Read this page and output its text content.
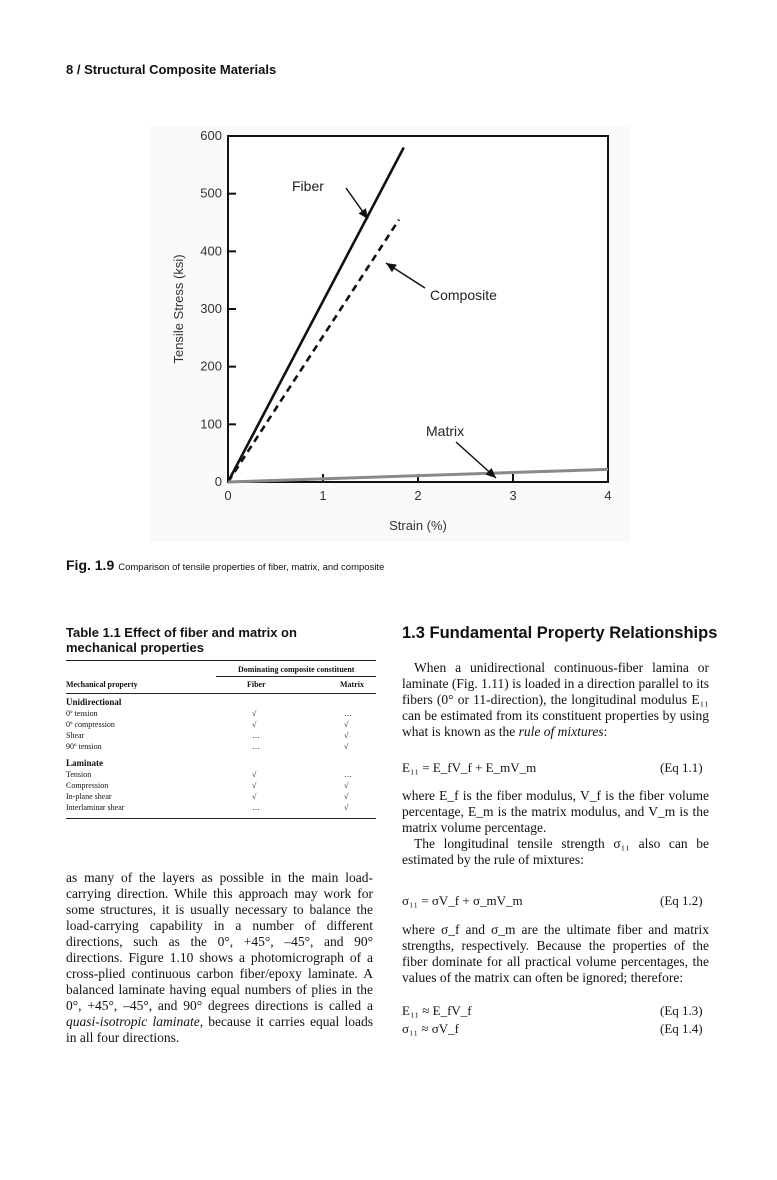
8 / Structural Composite Materials
0
100
200
300
400
500
600
0	1	2	3	4
Strain (%)
Tensile Stress (ksi)
Fiber
Composite
Matrix
Fig. 1.9 Comparison of tensile properties of fiber, matrix, and composite
Table 1.1 Effect of fiber and matrix on mechanical properties
Dominating composite constituent
Mechanical property	Fiber	Matrix
Unidirectional
0º tension	√	…
0º compression	√	√
Shear	…	√
90º tension	…	√
Laminate
Tension	√	…
Compression	√	√
In-plane shear	√	√
Interlaminar shear	…	√
as many of the layers as possible in the main load-carrying direction. While this approach may work for some structures, it is usually necessary to balance the load-carrying capability in a number of different directions, such as the 0°, +45°, –45°, and 90° directions. Figure 1.10 shows a photomicrograph of a cross-plied continuous carbon fiber/epoxy laminate. A balanced laminate having equal numbers of plies in the 0°, +45°, –45°, and 90° degrees directions is called a quasi-isotropic laminate, because it carries equal loads in all four directions.
1.3 Fundamental Property Relationships
When a unidirectional continuous-fiber lamina or laminate (Fig. 1.11) is loaded in a direction parallel to its fibers (0° or 11-direction), the longitudinal modulus E₁₁ can be estimated from its constituent properties by using what is known as the rule of mixtures:
E₁₁ = E_fV_f + E_mV_m	(Eq 1.1)
where E_f is the fiber modulus, V_f is the fiber volume percentage, E_m is the matrix modulus, and V_m is the matrix volume percentage.
The longitudinal tensile strength σ₁₁ also can be estimated by the rule of mixtures:
σ₁₁ = σV_f + σ_mV_m	(Eq 1.2)
where σ_f and σ_m are the ultimate fiber and matrix strengths, respectively. Because the properties of the fiber dominate for all practical volume percentages, the values of the matrix can often be ignored; therefore:
E₁₁ ≈ E_fV_f	(Eq 1.3)
σ₁₁ ≈ σV_f	(Eq 1.4)
